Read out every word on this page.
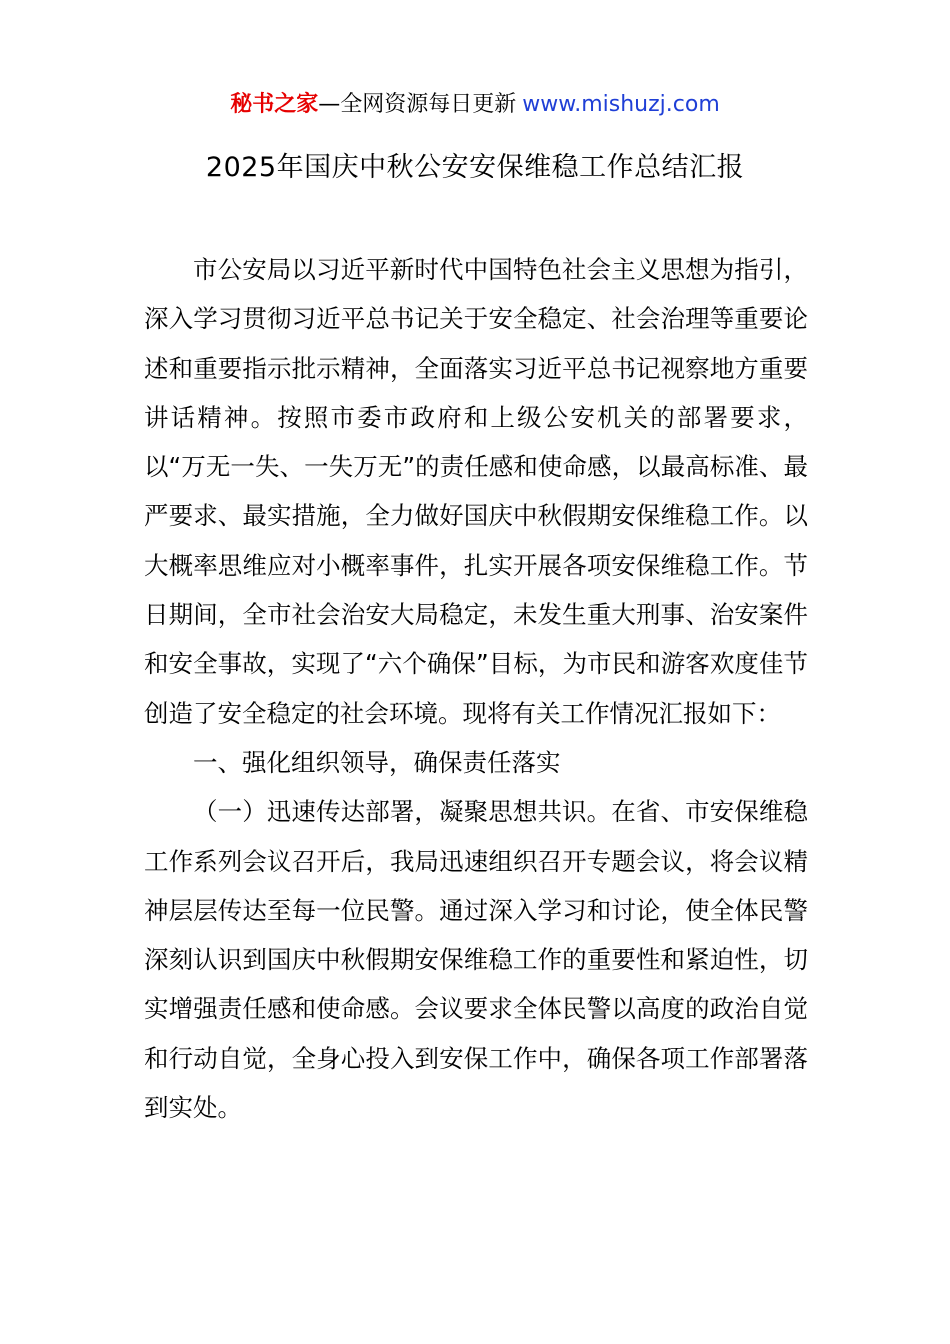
秘书之家—全网资源每日更新 www.mishuzj.com
2025年国庆中秋公安安保维稳工作总结汇报

市公安局以习近平新时代中国特色社会主义思想为指引，深入学习贯彻习近平总书记关于安全稳定、社会治理等重要论述和重要指示批示精神，全面落实习近平总书记视察地方重要讲话精神。按照市委市政府和上级公安机关的部署要求，以“万无一失、一失万无”的责任感和使命感，以最高标准、最严要求、最实措施，全力做好国庆中秋假期安保维稳工作。以大概率思维应对小概率事件，扎实开展各项安保维稳工作。节日期间，全市社会治安大局稳定，未发生重大刑事、治安案件和安全事故，实现了“六个确保”目标，为市民和游客欢度佳节创造了安全稳定的社会环境。现将有关工作情况汇报如下：

一、强化组织领导，确保责任落实

（一）迅速传达部署，凝聚思想共识。在省、市安保维稳工作系列会议召开后，我局迅速组织召开专题会议，将会议精神层层传达至每一位民警。通过深入学习和讨论，使全体民警深刻认识到国庆中秋假期安保维稳工作的重要性和紧迫性，切实增强责任感和使命感。会议要求全体民警以高度的政治自觉和行动自觉，全身心投入到安保工作中，确保各项工作部署落到实处。
